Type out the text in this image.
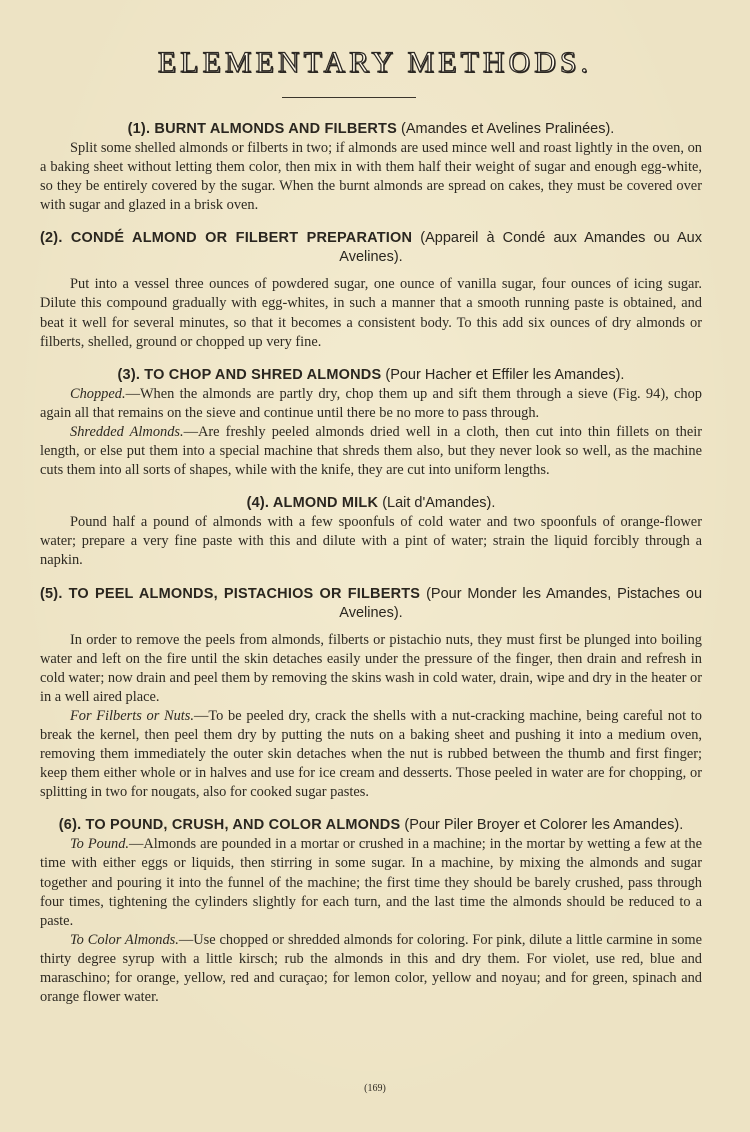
ELEMENTARY METHODS.
(1). BURNT ALMONDS AND FILBERTS (Amandes et Avelines Pralinées).

Split some shelled almonds or filberts in two; if almonds are used mince well and roast lightly in the oven, on a baking sheet without letting them color, then mix in with them half their weight of sugar and enough egg-white, so they be entirely covered by the sugar. When the burnt almonds are spread on cakes, they must be covered over with sugar and glazed in a brisk oven.

(2). CONDÉ ALMOND OR FILBERT PREPARATION (Appareil à Condé aux Amandes ou Aux Avelines).

Put into a vessel three ounces of powdered sugar, one ounce of vanilla sugar, four ounces of icing sugar. Dilute this compound gradually with egg-whites, in such a manner that a smooth running paste is obtained, and beat it well for several minutes, so that it becomes a consistent body. To this add six ounces of dry almonds or filberts, shelled, ground or chopped up very fine.

(3). TO CHOP AND SHRED ALMONDS (Pour Hacher et Effiler les Amandes).

Chopped.—When the almonds are partly dry, chop them up and sift them through a sieve (Fig. 94), chop again all that remains on the sieve and continue until there be no more to pass through.

Shredded Almonds.—Are freshly peeled almonds dried well in a cloth, then cut into thin fillets on their length, or else put them into a special machine that shreds them also, but they never look so well, as the machine cuts them into all sorts of shapes, while with the knife, they are cut into uniform lengths.

(4). ALMOND MILK (Lait d'Amandes).

Pound half a pound of almonds with a few spoonfuls of cold water and two spoonfuls of orange-flower water; prepare a very fine paste with this and dilute with a pint of water; strain the liquid forcibly through a napkin.

(5). TO PEEL ALMONDS, PISTACHIOS OR FILBERTS (Pour Monder les Amandes, Pistaches ou Avelines).

In order to remove the peels from almonds, filberts or pistachio nuts, they must first be plunged into boiling water and left on the fire until the skin detaches easily under the pressure of the finger, then drain and refresh in cold water; now drain and peel them by removing the skins wash in cold water, drain, wipe and dry in the heater or in a well aired place.

For Filberts or Nuts.—To be peeled dry, crack the shells with a nut-cracking machine, being careful not to break the kernel, then peel them dry by putting the nuts on a baking sheet and pushing it into a medium oven, removing them immediately the outer skin detaches when the nut is rubbed between the thumb and first finger; keep them either whole or in halves and use for ice cream and desserts. Those peeled in water are for chopping, or splitting in two for nougats, also for cooked sugar pastes.

(6). TO POUND, CRUSH, AND COLOR ALMONDS (Pour Piler Broyer et Colorer les Amandes).

To Pound.—Almonds are pounded in a mortar or crushed in a machine; in the mortar by wetting a few at the time with either eggs or liquids, then stirring in some sugar. In a machine, by mixing the almonds and sugar together and pouring it into the funnel of the machine; the first time they should be barely crushed, pass through four times, tightening the cylinders slightly for each turn, and the last time the almonds should be reduced to a paste.

To Color Almonds.—Use chopped or shredded almonds for coloring. For pink, dilute a little carmine in some thirty degree syrup with a little kirsch; rub the almonds in this and dry them. For violet, use red, blue and maraschino; for orange, yellow, red and curaçao; for lemon color, yellow and noyau; and for green, spinach and orange flower water.

(169)
